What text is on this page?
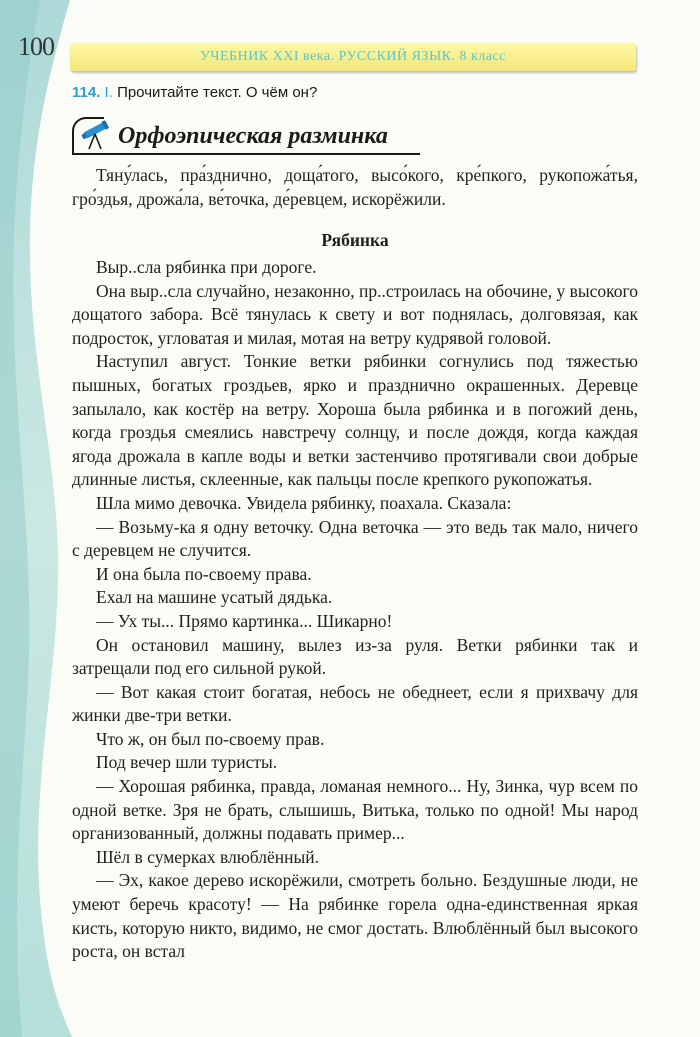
100	УЧЕБНИК XXI века. РУССКИЙ ЯЗЫК. 8 класс
114. I. Прочитайте текст. О чём он?
Орфоэпическая разминка

Тяну́лась, пра́зднично, доща́того, высо́кого, кре́пкого, рукопожа́тья, гро́здья, дрожа́ла, ве́точка, де́ревцем, искорёжили.

Рябинка

Выр..сла рябинка при дороге.

Она выр..сла случайно, незаконно, пр..строилась на обочине, у высокого дощатого забора. Всё тянулась к свету и вот поднялась, долговязая, как подросток, угловатая и милая, мотая на ветру кудрявой головой.

Наступил август. Тонкие ветки рябинки согнулись под тяжестью пышных, богатых гроздьев, ярко и празднично окрашенных. Деревце запылало, как костёр на ветру. Хороша была рябинка и в погожий день, когда гроздья смеялись навстречу солнцу, и после дождя, когда каждая ягода дрожала в капле воды и ветки застенчиво протягивали свои добрые длинные листья, склеенные, как пальцы после крепкого рукопожатья.

Шла мимо девочка. Увидела рябинку, поахала. Сказала:

— Возьму-ка я одну веточку. Одна веточка — это ведь так мало, ничего с деревцем не случится.

И она была по-своему права.

Ехал на машине усатый дядька.

— Ух ты... Прямо картинка... Шикарно!

Он остановил машину, вылез из-за руля. Ветки рябинки так и затрещали под его сильной рукой.

— Вот какая стоит богатая, небось не обеднеет, если я прихвачу для жинки две-три ветки.

Что ж, он был по-своему прав.

Под вечер шли туристы.

— Хорошая рябинка, правда, ломаная немного... Ну, Зинка, чур всем по одной ветке. Зря не брать, слышишь, Витька, только по одной! Мы народ организованный, должны подавать пример...

Шёл в сумерках влюблённый.

— Эх, какое дерево искорёжили, смотреть больно. Бездушные люди, не умеют беречь красоту! — На рябинке горела одна-единственная яркая кисть, которую никто, видимо, не смог достать. Влюблённый был высокого роста, он встал
